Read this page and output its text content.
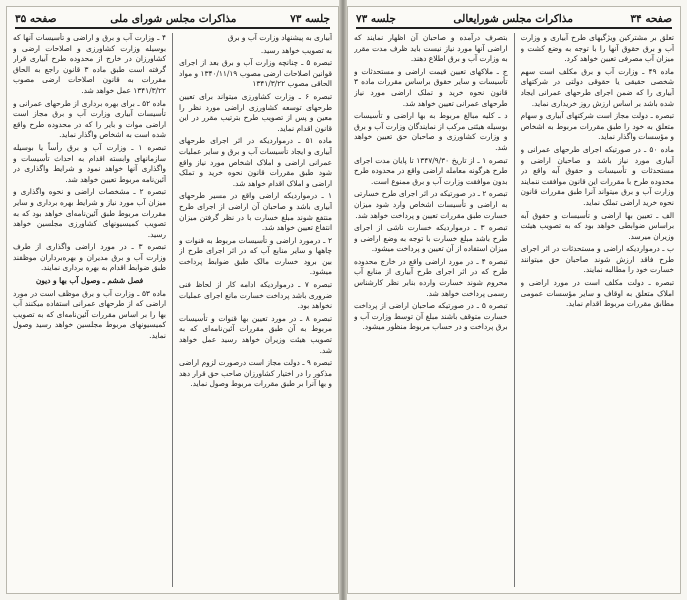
جلسه ۷۳
مذاکرات مجلس شورای ملی
صفحه ۳۵

آبیاری به پیشنهاد وزارت آب و برق

به تصویب خواهد رسید.

تبصره ۵ ـ چنانچه وزارت آب و برق بعد از اجرای قوانین اصلاحات ارضی مصوب ۱۳۴۰/۱۱/۱۹ و مواد الحاقی مصوب ۱۳۴۱/۳/۲۲

تبصره ۶ ـ وزارت کشاورزی میتواند برای تعیین طرحهای توسعه کشاورزی اراضی مورد نظر را معین و پس از تصویب طرح بترتیب مقرر در این قانون اقدام نماید.

ماده ۵۱ ـ درمواردیکه در اثر اجرای طرحهای آبیاری و ایجاد تأسیسات آب و برق و سایر عملیات عمرانی اراضی و املاک اشخاص مورد نیاز واقع شود طبق مقررات قانون نحوه خرید و تملک اراضی و املاک اقدام خواهد شد.

۱ ـ درمواردیکه اراضی واقع در مسیر طرحهای آبیاری باشد و صاحبان آن اراضی از اجرای طرح منتفع شوند مبلغ خسارت با در نظر گرفتن میزان انتفاع تعیین خواهد شد.

۲ ـ درمورد اراضی و تأسیسات مربوط به قنوات و چاهها و سایر منابع آب که در اثر اجرای طرح از بین برود خسارت مالک طبق ضوابط پرداخت میشود.

تبصره ۷ ـ درمواردیکه ادامه کار از لحاظ فنی ضروری باشد پرداخت خسارت مانع اجرای عملیات نخواهد بود.

تبصره ۸ ـ در مورد تعیین بها قنوات و تأسیسات مربوط به آن طبق مقررات آئین‌نامه‌ای که به تصویب هیئت وزیران خواهد رسید عمل خواهد شد.

تبصره ۹ ـ دولت مجاز است درصورت لزوم اراضی مذکور را در اختیار کشاورزان صاحب حق قرار دهد و بها آنرا بر طبق مقررات مربوط وصول نماید.

۴ ـ وزارت آب و برق و اراضی و تأسیسات آنها که بوسیله وزارت کشاورزی و اصلاحات ارضی و کشاورزان در خارج از محدوده طرح آبیاری قرار گرفته است طبق ماده ۳ قانون راجع به الحاق مقررات به قانون اصلاحات ارضی مصوب ۱۳۴۱/۳/۲۲ عمل خواهد شد.

ماده ۵۲ ـ برای بهره برداری از طرحهای عمرانی و تأسیسات آبیاری وزارت آب و برق مجاز است اراضی موات و بایر را که در محدوده طرح واقع شده است به اشخاص واگذار نماید.

تبصره ۱ ـ وزارت آب و برق رأساً یا بوسیله سازمانهای وابسته اقدام به احداث تأسیسات و واگذاری آنها خواهد نمود و شرایط واگذاری در آئین‌نامه مربوط تعیین خواهد شد.

تبصره ۲ ـ مشخصات اراضی و نحوه واگذاری و میزان آب مورد نیاز و شرایط بهره برداری و سایر مقررات مربوط طبق آئین‌نامه‌ای خواهد بود که به تصویب کمیسیونهای کشاورزی مجلسین خواهد رسید.

تبصره ۳ ـ در مورد اراضی واگذاری از طرف وزارت آب و برق مدیران و بهره‌برداران موظفند طبق ضوابط اقدام به بهره برداری نمایند.

فصل ششم ـ وصول آب بها و دیون

ماده ۵۳ ـ وزارت آب و برق موظف است در مورد اراضی که از طرحهای عمرانی استفاده میکنند آب بها را بر اساس مقررات آئین‌نامه‌ای که به تصویب کمیسیونهای مربوط مجلسین خواهد رسید وصول نماید.

صفحه ۳۴
مذاکرات مجلس شورایعالی
جلسه ۷۳

تعلق بر مشترکین ویژگیهای طرح آبیاری و وزارت آب و برق حقوق آنها را با توجه به وضع کشت و میزان آب مصرفی تعیین خواهد کرد.

ماده ۴۹ ـ وزارت آب و برق مکلف است سهم شخصی حقیقی یا حقوقی دولتی در شرکتهای آبیاری را که ضمن اجرای طرحهای عمرانی ایجاد شده باشد بر اساس ارزش روز خریداری نماید.

تبصره ـ دولت مجاز است شرکتهای آبیاری و سهام متعلق به خود را طبق مقررات مربوط به اشخاص و مؤسسات واگذار نماید.

ماده ۵۰ ـ در صورتیکه اجرای طرحهای عمرانی و آبیاری مورد نیاز باشد و صاحبان اراضی و مستحدثات و تأسیسات و حقوق آبه واقع در محدوده طرح با مقررات این قانون موافقت ننمایند وزارت آب و برق میتواند آنرا طبق مقررات قانون نحوه خرید اراضی تملک نماید.

الف ـ تعیین بها اراضی و تأسیسات و حقوق آبه براساس ضوابطی خواهد بود که به تصویب هیئت وزیران میرسد.

ب ـ درمواردیکه اراضی و مستحدثات در اثر اجرای طرح فاقد ارزش شوند صاحبان حق میتوانند خسارت خود را مطالبه نمایند.

تبصره ـ دولت مکلف است در مورد اراضی و املاک متعلق به اوقاف و سایر مؤسسات عمومی مطابق مقررات مربوط اقدام نماید.

بتصرف درآمده و صاحبان آن اظهار نمایند که اراضی آنها مورد نیاز نیست باید ظرف مدت مقرر به وزارت آب و برق اطلاع دهند.

ج ـ ملاکهای تعیین قیمت اراضی و مستحدثات و تأسیسات و سایر حقوق براساس مقررات ماده ۳ قانون نحوه خرید و تملک اراضی مورد نیاز طرحهای عمرانی تعیین خواهد شد.

د ـ کلیه مبالغ مربوط به بها اراضی و تأسیسات بوسیله هیئتی مرکب از نمایندگان وزارت آب و برق و وزارت کشاورزی و صاحبان حق تعیین خواهد شد.

تبصره ۱ ـ از تاریخ ۱۳۴۷/۹/۳۰ تا پایان مدت اجرای طرح هرگونه معامله اراضی واقع در محدوده طرح بدون موافقت وزارت آب و برق ممنوع است.

تبصره ۲ ـ در صورتیکه در اثر اجرای طرح خسارتی به اراضی و تأسیسات اشخاص وارد شود میزان خسارت طبق مقررات تعیین و پرداخت خواهد شد.

تبصره ۳ ـ درمواردیکه خسارت ناشی از اجرای طرح باشد مبلغ خسارت با توجه به وضع اراضی و میزان استفاده از آن تعیین و پرداخت میشود.

تبصره ۴ ـ در مورد اراضی واقع در خارج محدوده طرح که در اثر اجرای طرح آبیاری از منابع آب محروم شوند خسارت وارده بنابر نظر کارشناس رسمی پرداخت خواهد شد.

تبصره ۵ ـ در صورتیکه صاحبان اراضی از پرداخت خسارت متوقف باشند مبلغ آن توسط وزارت آب و برق پرداخت و در حساب مربوط منظور میشود.
